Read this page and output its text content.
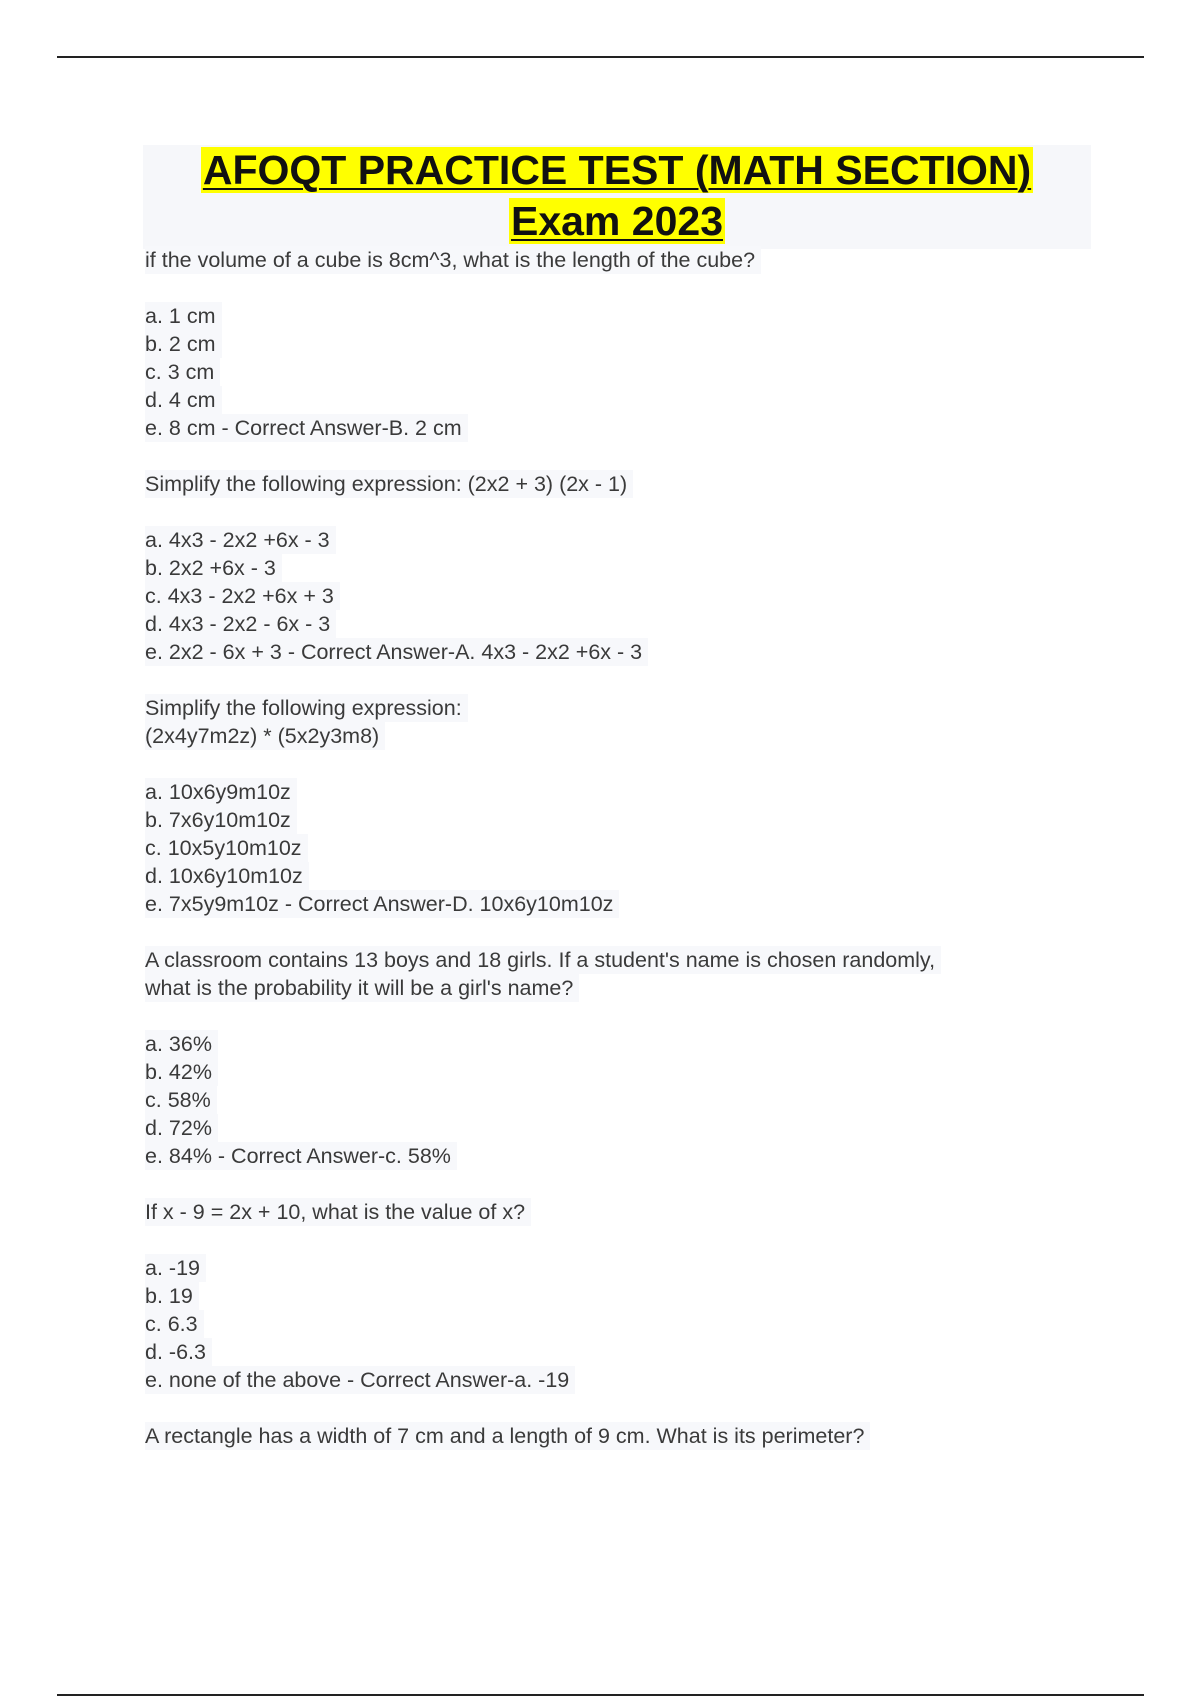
AFOQT PRACTICE TEST (MATH SECTION)
Exam 2023
if the volume of a cube is 8cm^3, what is the length of the cube?
a. 1 cm
b. 2 cm
c. 3 cm
d. 4 cm
e. 8 cm - Correct Answer-B. 2 cm
Simplify the following expression: (2x2 + 3) (2x - 1)
a. 4x3 - 2x2 +6x - 3
b. 2x2 +6x - 3
c. 4x3 - 2x2 +6x + 3
d. 4x3 - 2x2 - 6x - 3
e. 2x2 - 6x + 3 - Correct Answer-A. 4x3 - 2x2 +6x - 3
Simplify the following expression:
(2x4y7m2z) * (5x2y3m8)
a. 10x6y9m10z
b. 7x6y10m10z
c. 10x5y10m10z
d. 10x6y10m10z
e. 7x5y9m10z - Correct Answer-D. 10x6y10m10z
A classroom contains 13 boys and 18 girls. If a student's name is chosen randomly,
what is the probability it will be a girl's name?
a. 36%
b. 42%
c. 58%
d. 72%
e. 84% - Correct Answer-c. 58%
If x - 9 = 2x + 10, what is the value of x?
a. -19
b. 19
c. 6.3
d. -6.3
e. none of the above - Correct Answer-a. -19
A rectangle has a width of 7 cm and a length of 9 cm. What is its perimeter?
